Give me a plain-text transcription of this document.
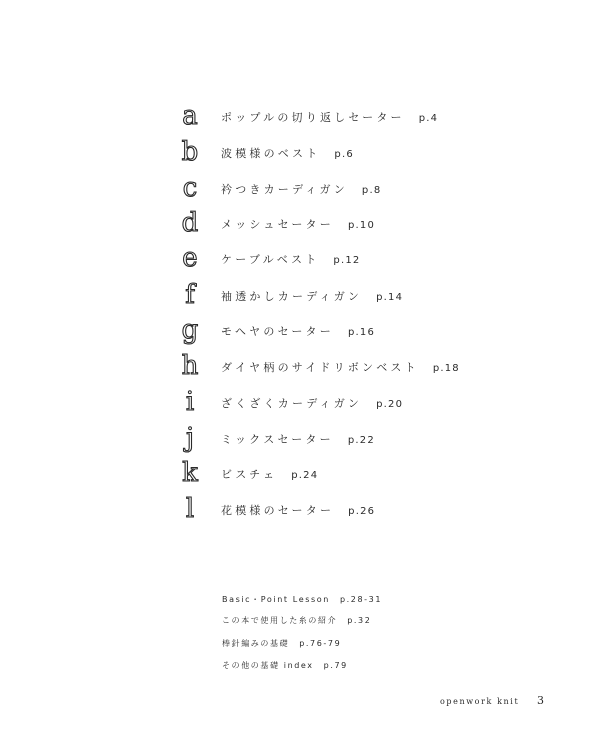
a	ポップルの切り返しセーター p.4
b	波模様のベスト p.6
c	衿つきカーディガン p.8
d	メッシュセーター p.10
e	ケーブルベスト p.12
f	袖透かしカーディガン p.14
g	モヘヤのセーター p.16
h	ダイヤ柄のサイドリボンベスト p.18
i	ざくざくカーディガン p.20
j	ミックスセーター p.22
k	ビスチェ p.24
l	花模様のセーター p.26
Basic・Point Lesson p.28-31
この本で使用した糸の紹介 p.32
棒針編みの基礎 p.76-79
その他の基礎 index p.79
openwork knit 3
